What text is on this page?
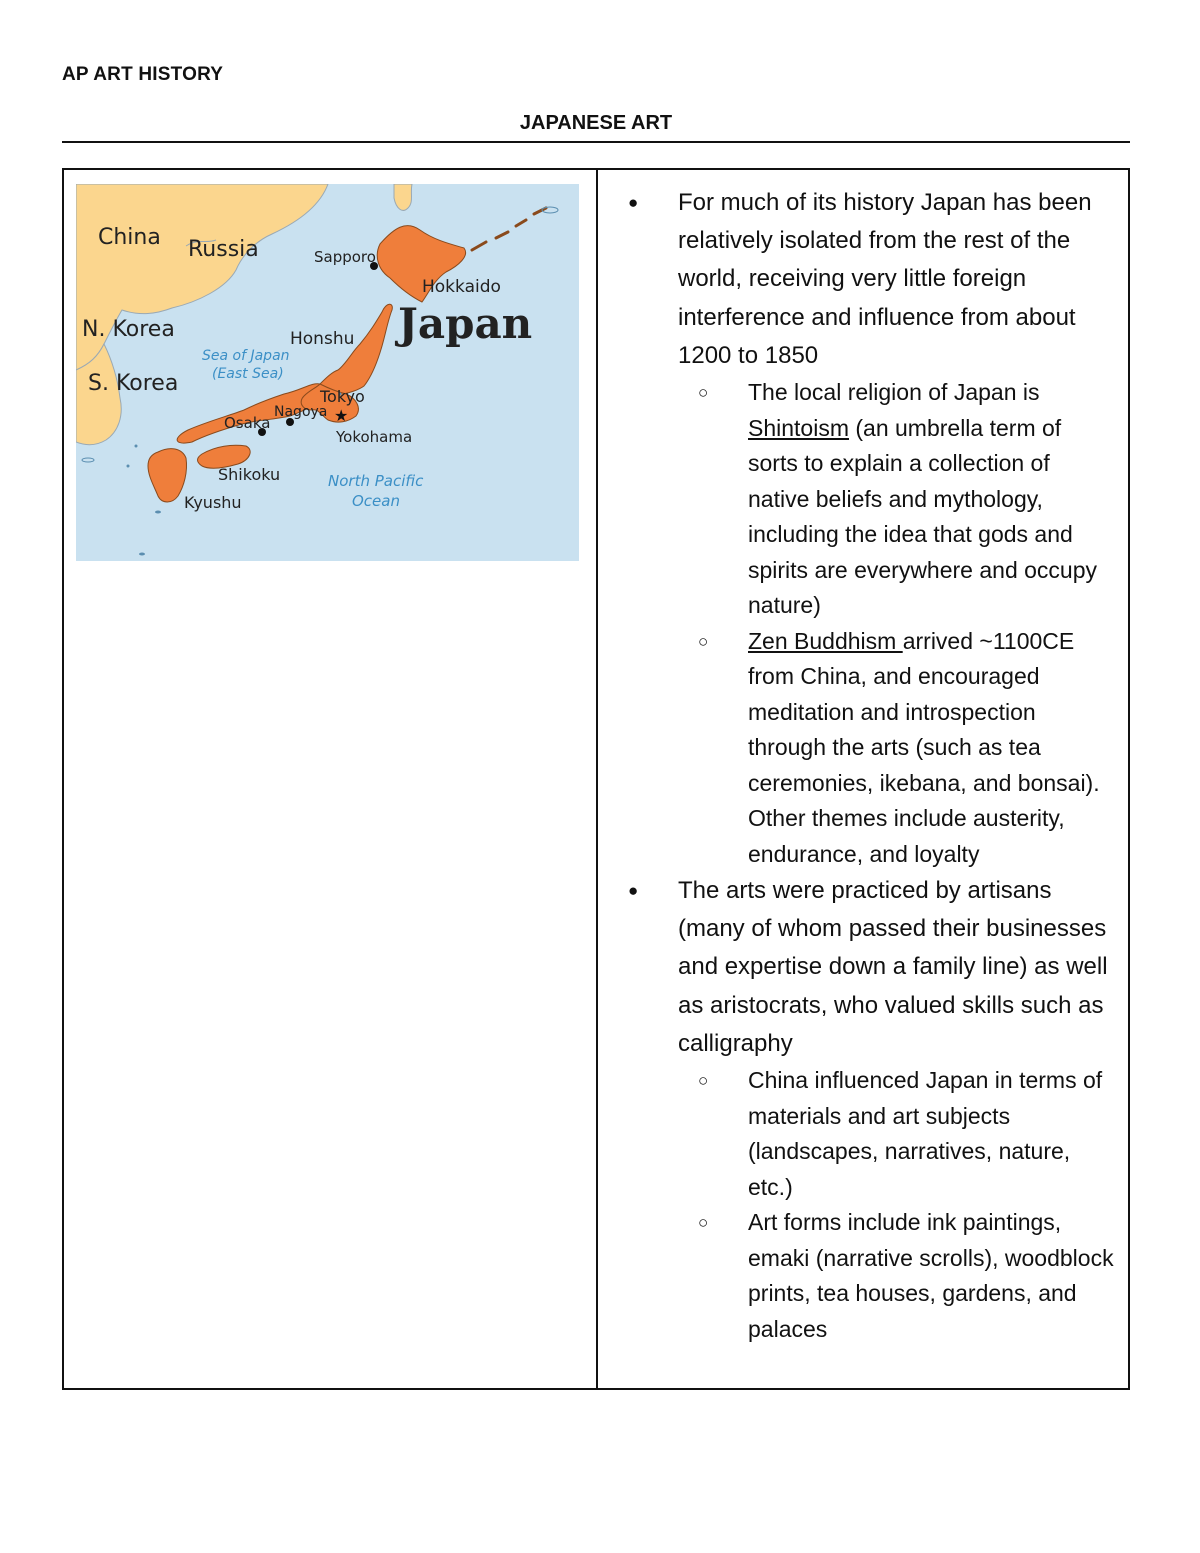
AP ART HISTORY
JAPANESE ART
★
China Russia
N. Korea
S. Korea
Japan
Sapporo
Hokkaido
Honshu
Sea of Japan
(East Sea)
Tokyo
Nagoya
Osaka
Yokohama
Shikoku
Kyushu
North Pacific
Ocean
● For much of its history Japan has been relatively isolated from the rest of the world, receiving very little foreign interference and influence from about 1200 to 1850
○ The local religion of Japan is Shintoism (an umbrella term of sorts to explain a collection of native beliefs and mythology, including the idea that gods and spirits are everywhere and occupy nature)
○ Zen Buddhism arrived ~1100CE from China, and encouraged meditation and introspection through the arts (such as tea ceremonies, ikebana, and bonsai). Other themes include austerity, endurance, and loyalty
● The arts were practiced by artisans (many of whom passed their businesses and expertise down a family line) as well as aristocrats, who valued skills such as calligraphy
○ China influenced Japan in terms of materials and art subjects (landscapes, narratives, nature, etc.)
○ Art forms include ink paintings, emaki (narrative scrolls), woodblock prints, tea houses, gardens, and palaces
